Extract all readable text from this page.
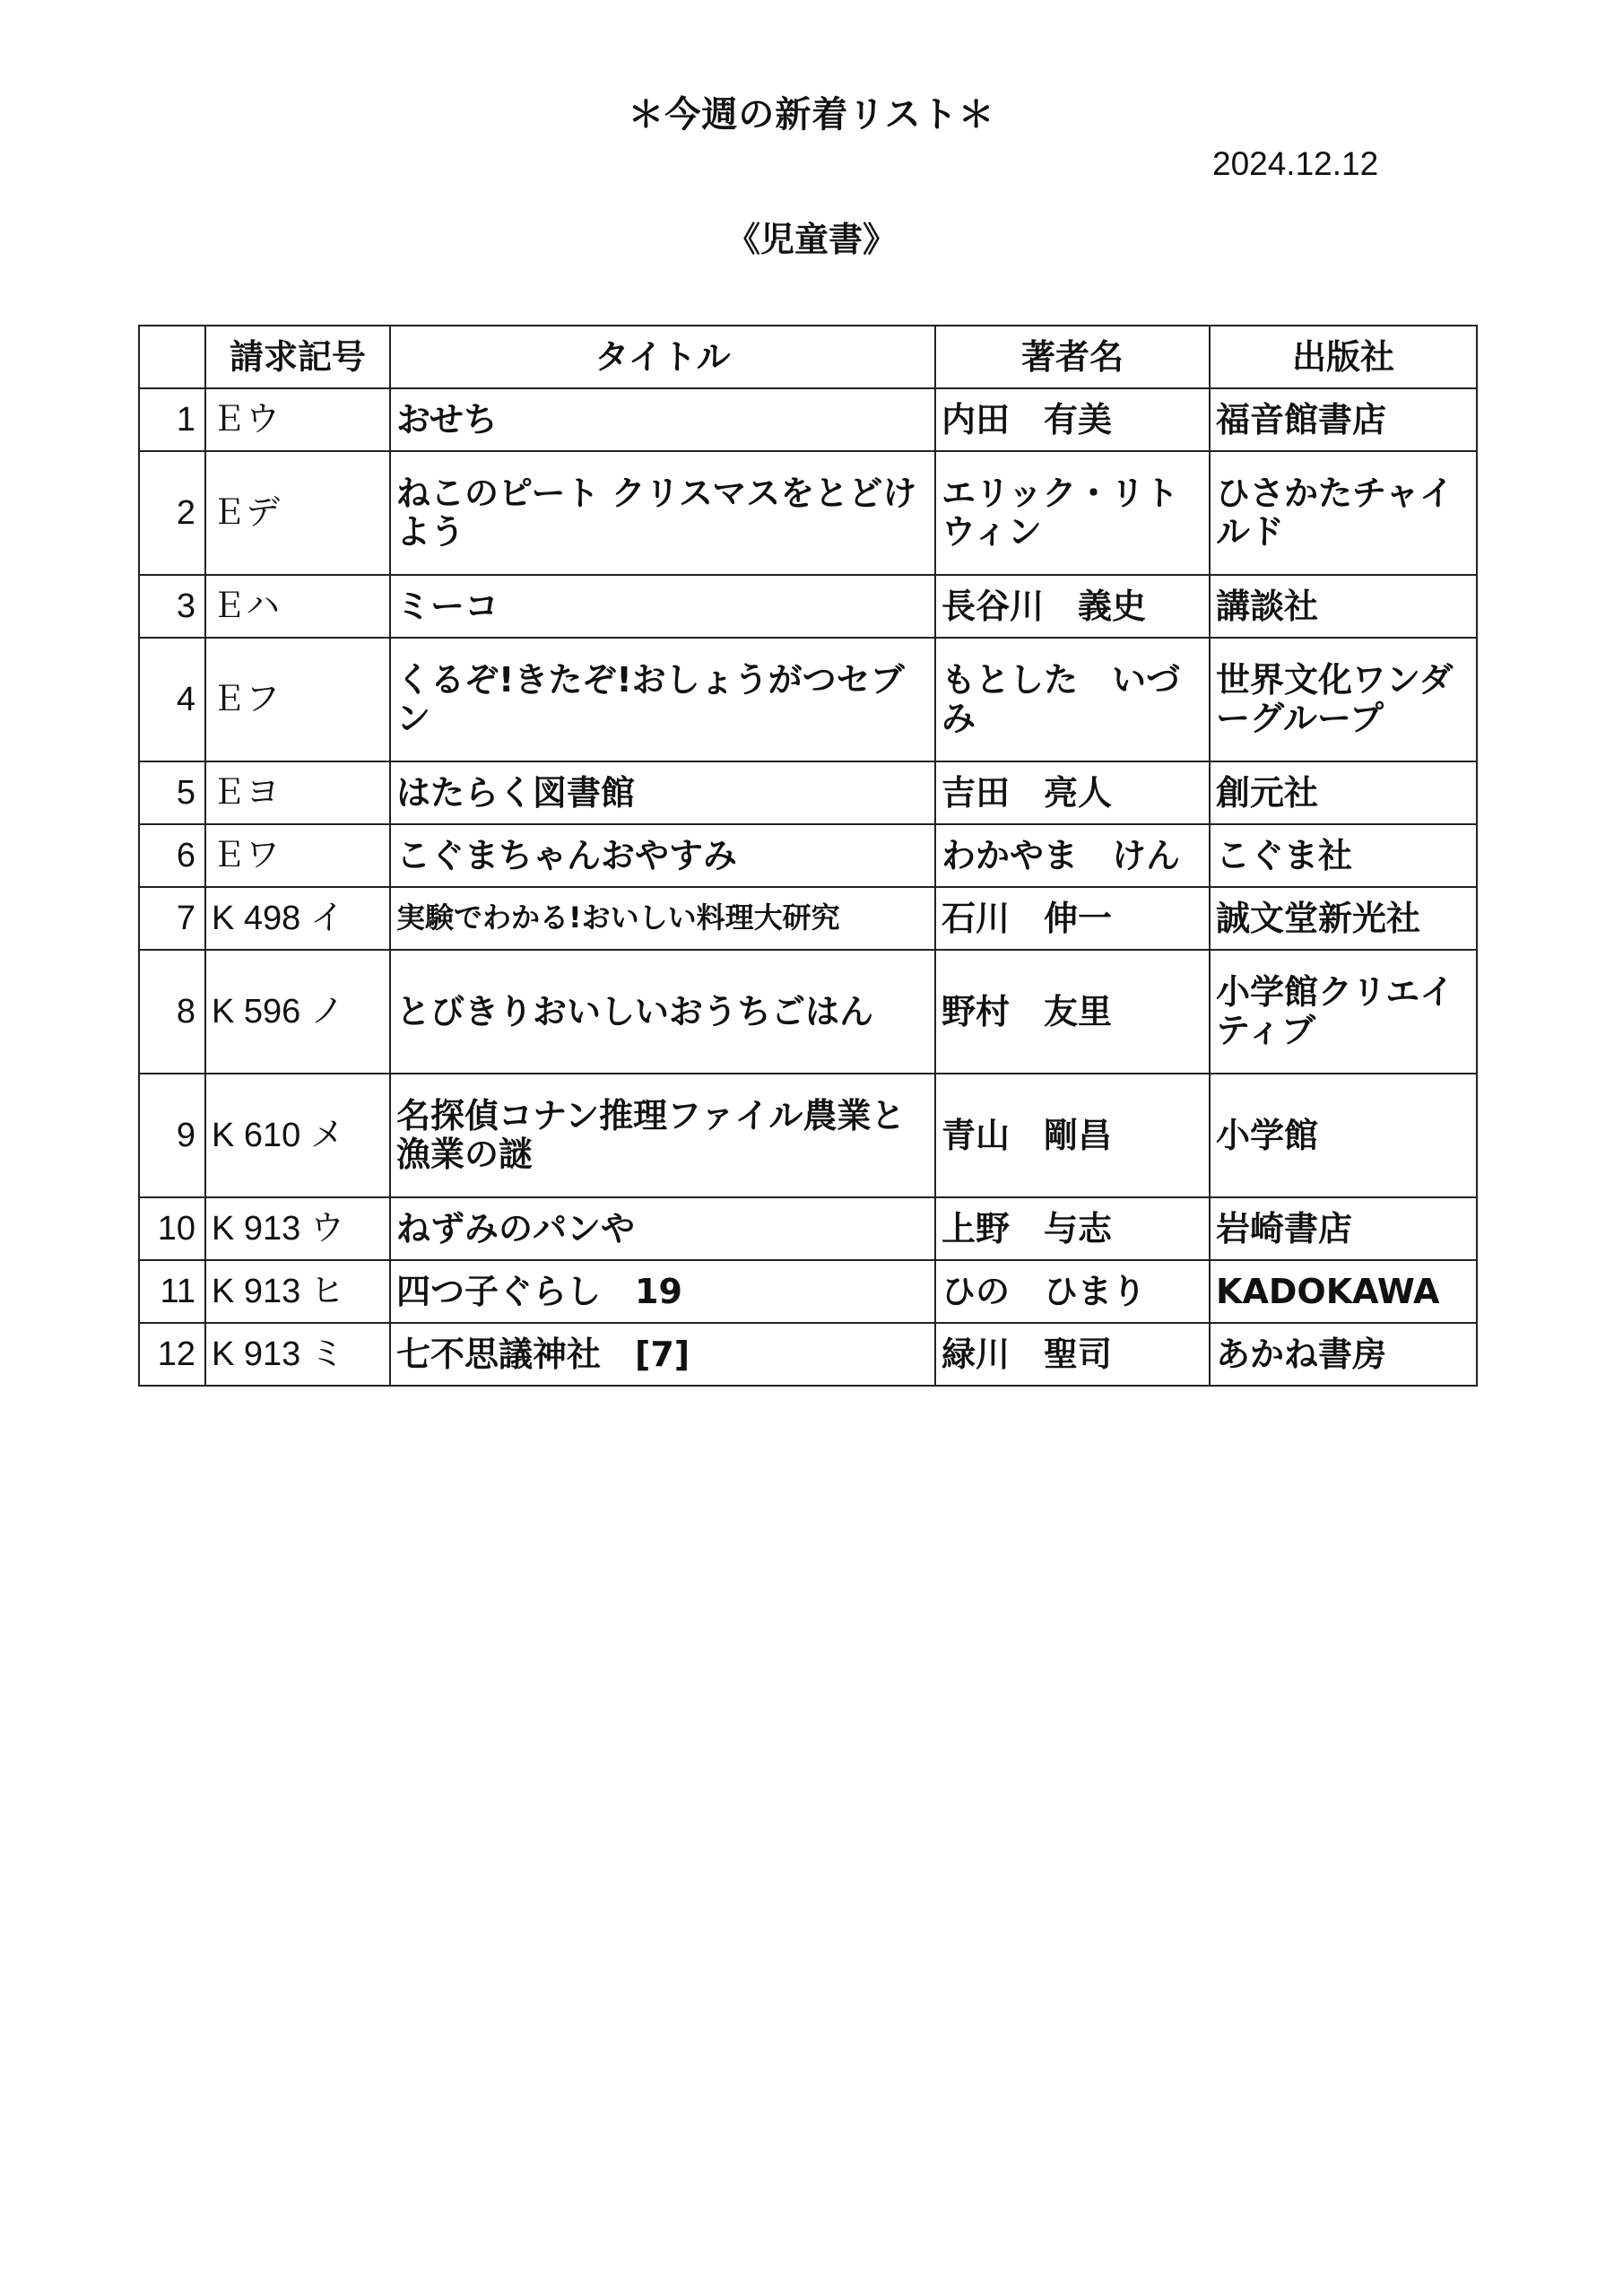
＊今週の新着リスト＊
2024.12.12
《児童書》
	請求記号	タイトル	著者名	出版社
1	Ｅウ	おせち	内田　有美	福音館書店
2	Ｅデ	ねこのピート クリスマスをとどけよう	エリック・リトウィン	ひさかたチャイルド
3	Ｅハ	ミーコ	長谷川　義史	講談社
4	Ｅフ	くるぞ!きたぞ!おしょうがつセブン	もとした　いづみ	世界文化ワンダーグループ
5	Ｅヨ	はたらく図書館	吉田　亮人	創元社
6	Ｅワ	こぐまちゃんおやすみ	わかやま　けん	こぐま社
7	K 498 イ	実験でわかる!おいしい料理大研究	石川　伸一	誠文堂新光社
8	K 596 ノ	とびきりおいしいおうちごはん	野村　友里	小学館クリエイティブ
9	K 610 メ	名探偵コナン推理ファイル農業と漁業の謎	青山　剛昌	小学館
10	K 913 ウ	ねずみのパンや	上野　与志	岩崎書店
11	K 913 ヒ	四つ子ぐらし　19	ひの　ひまり	KADOKAWA
12	K 913 ミ	七不思議神社　[7]	緑川　聖司	あかね書房
